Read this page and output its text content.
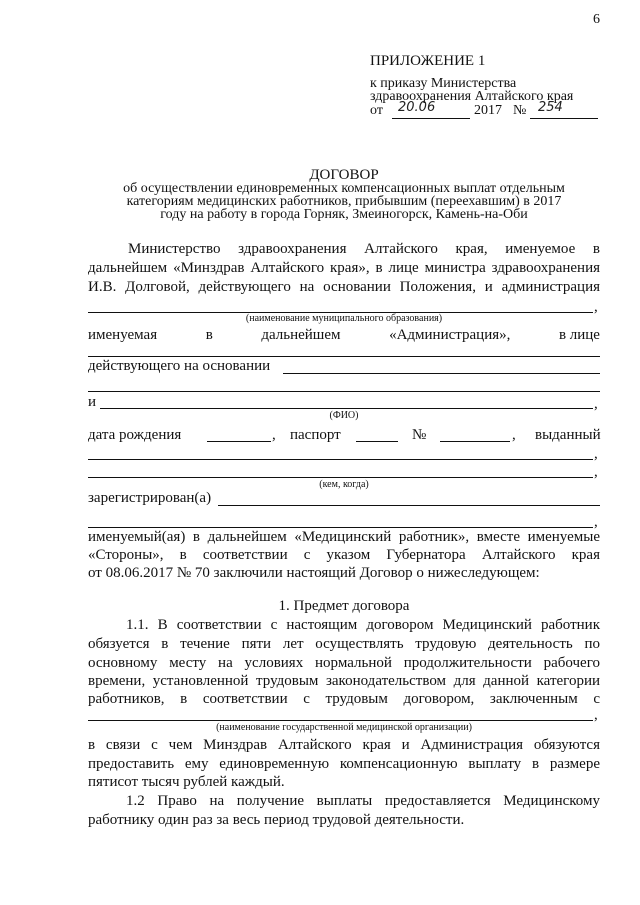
6
ПРИЛОЖЕНИЕ 1
к приказу Министерства
здравоохранения Алтайского края
от 20.06	2017 № 254
ДОГОВОР
об осуществлении единовременных компенсационных выплат отдельным
категориям медицинских работников, прибывшим (переехавшим) в 2017
году на работу в города Горняк, Змеиногорск, Камень-на-Оби
Министерство здравоохранения Алтайского края, именуемое в
дальнейшем «Минздрав Алтайского края», в лице министра здравоохранения
И.В. Долговой, действующего на основании Положения, и администрация
,
(наименование муниципального образования)
именуемая	в	дальнейшем	«Администрация»,	в лице
действующего на основании
и	,
(ФИО)
дата рождения	, паспорт	№	, выданный
,
,
(кем, когда)
зарегистрирован(а)
,
именуемый(ая) в дальнейшем «Медицинский работник», вместе именуемые
«Стороны», в соответствии с указом Губернатора Алтайского края
от 08.06.2017 № 70 заключили настоящий Договор о нижеследующем:
1. Предмет договора
1.1. В соответствии с настоящим договором Медицинский работник
обязуется в течение пяти лет осуществлять трудовую деятельность по
основному месту на условиях нормальной продолжительности рабочего
времени, установленной трудовым законодательством для данной категории
работников, в соответствии с трудовым договором, заключенным с
,
(наименование государственной медицинской организации)
в связи с чем Минздрав Алтайского края и Администрация обязуются
предоставить ему единовременную компенсационную выплату в размере
пятисот тысяч рублей каждый.
1.2 Право на получение выплаты предоставляется Медицинскому
работнику один раз за весь период трудовой деятельности.
